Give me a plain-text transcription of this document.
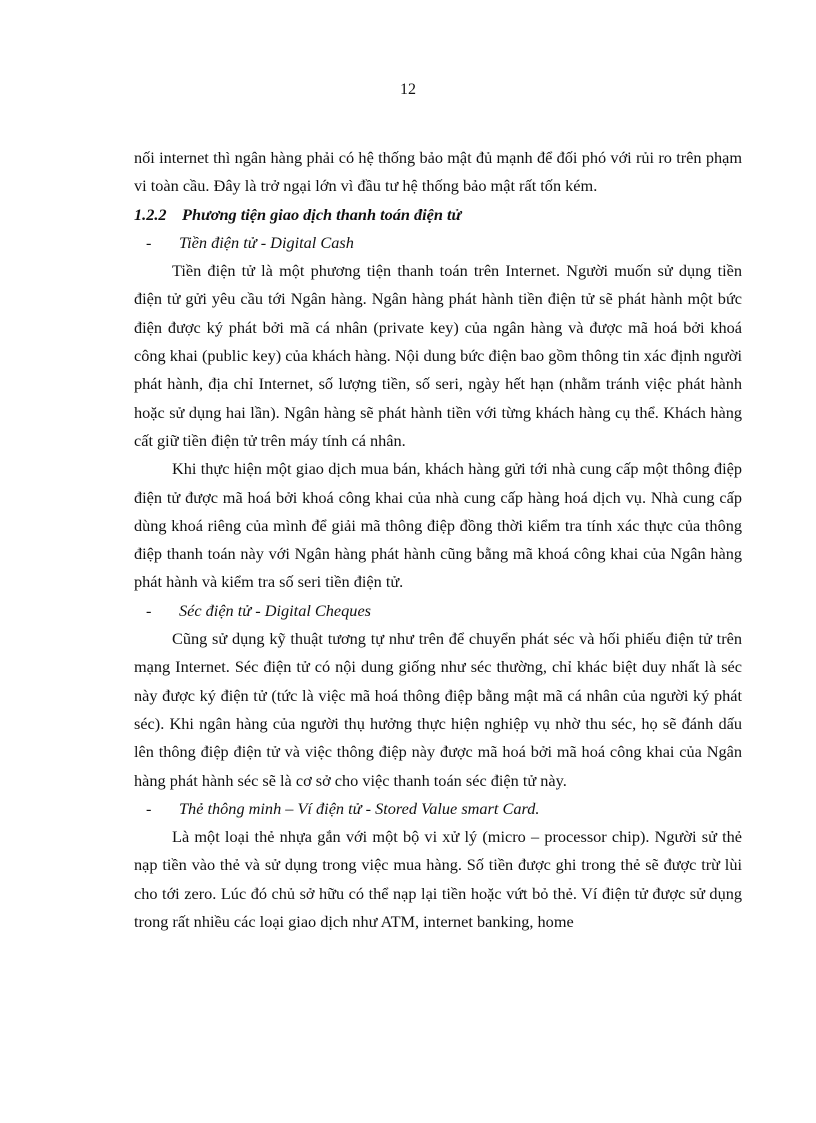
12

nối internet thì ngân hàng phải có hệ thống bảo mật đủ mạnh để đối phó với rủi ro trên phạm vi toàn cầu. Đây là trở ngại lớn vì đầu tư hệ thống bảo mật rất tốn kém.

1.2.2 Phương tiện giao dịch thanh toán điện tử

- Tiền điện tử - Digital Cash

Tiền điện tử là một phương tiện thanh toán trên Internet. Người muốn sử dụng tiền điện tử gửi yêu cầu tới Ngân hàng. Ngân hàng phát hành tiền điện tử sẽ phát hành một bức điện được ký phát bởi mã cá nhân (private key) của ngân hàng và được mã hoá bởi khoá công khai (public key) của khách hàng. Nội dung bức điện bao gồm thông tin xác định người phát hành, địa chỉ Internet, số lượng tiền, số seri, ngày hết hạn (nhằm tránh việc phát hành hoặc sử dụng hai lần). Ngân hàng sẽ phát hành tiền với từng khách hàng cụ thể. Khách hàng cất giữ tiền điện tử trên máy tính cá nhân.

Khi thực hiện một giao dịch mua bán, khách hàng gửi tới nhà cung cấp một thông điệp điện tử được mã hoá bởi khoá công khai của nhà cung cấp hàng hoá dịch vụ. Nhà cung cấp dùng khoá riêng của mình để giải mã thông điệp đồng thời kiểm tra tính xác thực của thông điệp thanh toán này với Ngân hàng phát hành cũng bằng mã khoá công khai của Ngân hàng phát hành và kiểm tra số seri tiền điện tử.

- Séc điện tử - Digital Cheques

Cũng sử dụng kỹ thuật tương tự như trên để chuyển phát séc và hối phiếu điện tử trên mạng Internet. Séc điện tử có nội dung giống như séc thường, chỉ khác biệt duy nhất là séc này được ký điện tử (tức là việc mã hoá thông điệp bằng mật mã cá nhân của người ký phát séc). Khi ngân hàng của người thụ hưởng thực hiện nghiệp vụ nhờ thu séc, họ sẽ đánh dấu lên thông điệp điện tử và việc thông điệp này được mã hoá bởi mã hoá công khai của Ngân hàng phát hành séc sẽ là cơ sở cho việc thanh toán séc điện tử này.

- Thẻ thông minh – Ví điện tử - Stored Value smart Card.

Là một loại thẻ nhựa gắn với một bộ vi xử lý (micro – processor chip). Người sử thẻ nạp tiền vào thẻ và sử dụng trong việc mua hàng. Số tiền được ghi trong thẻ sẽ được trừ lùi cho tới zero. Lúc đó chủ sở hữu có thể nạp lại tiền hoặc vứt bỏ thẻ. Ví điện tử được sử dụng trong rất nhiều các loại giao dịch như ATM, internet banking, home
